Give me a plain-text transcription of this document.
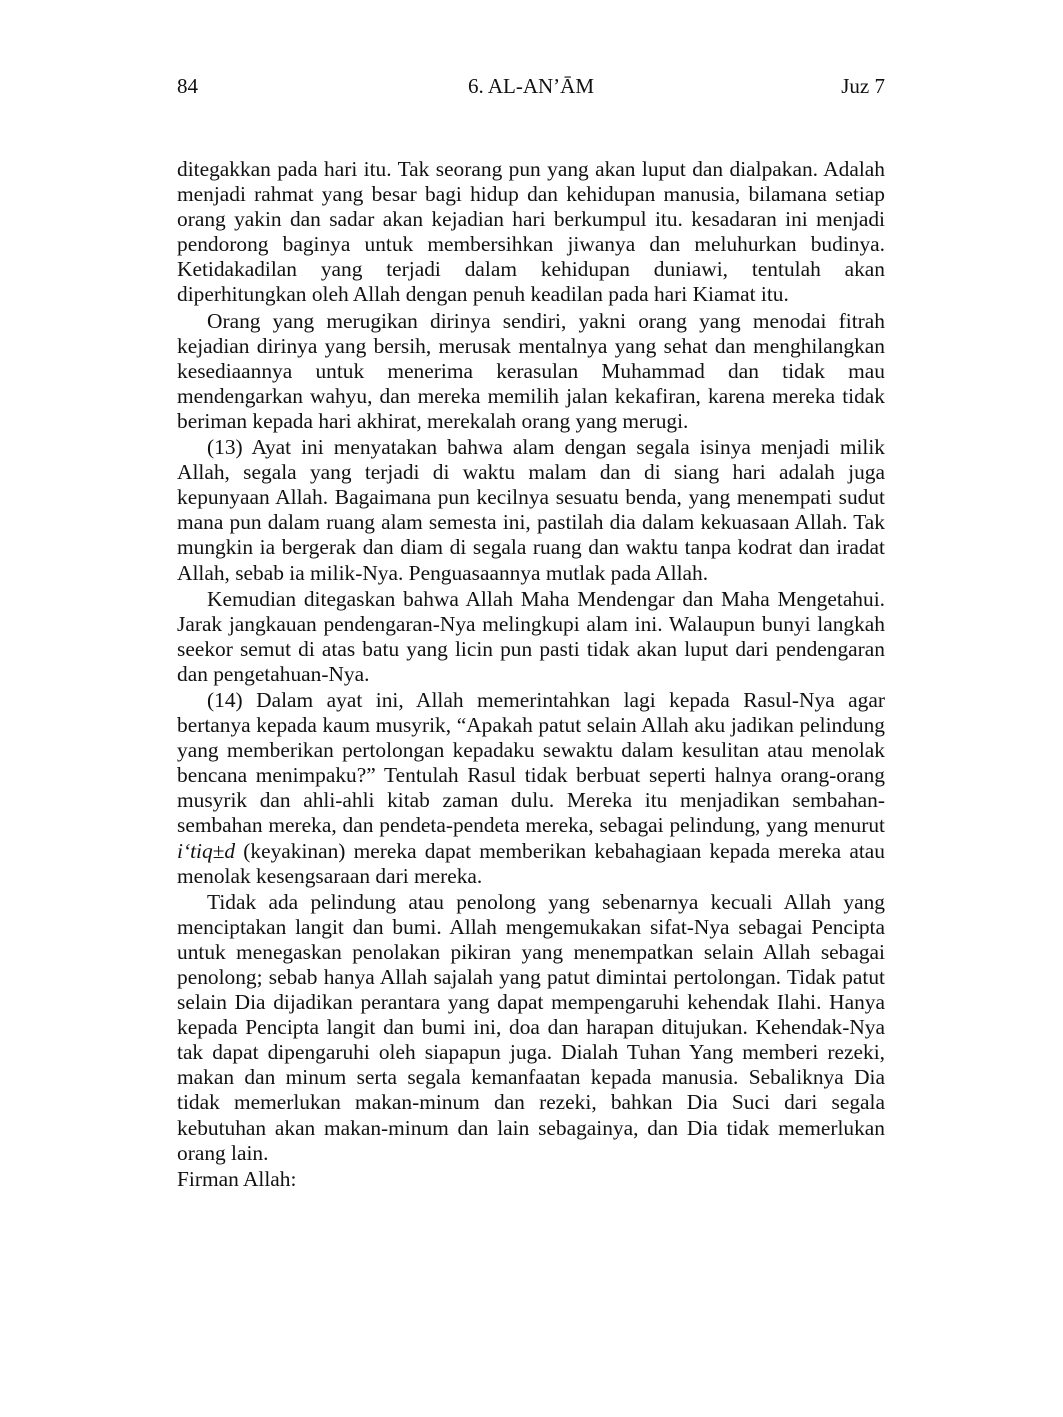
84	6. AL-AN’ĀM	Juz 7

ditegakkan pada hari itu. Tak seorang pun yang akan luput dan dialpakan. Adalah menjadi rahmat yang besar bagi hidup dan kehidupan manusia, bilamana setiap orang yakin dan sadar akan kejadian hari berkumpul itu. kesadaran ini menjadi pendorong baginya untuk membersihkan jiwanya dan meluhurkan budinya. Ketidakadilan yang terjadi dalam kehidupan duniawi, tentulah akan diperhitungkan oleh Allah dengan penuh keadilan pada hari Kiamat itu.

Orang yang merugikan dirinya sendiri, yakni orang yang menodai fitrah kejadian dirinya yang bersih, merusak mentalnya yang sehat dan menghilangkan kesediaannya untuk menerima kerasulan Muhammad dan tidak mau mendengarkan wahyu, dan mereka memilih jalan kekafiran, karena mereka tidak beriman kepada hari akhirat, merekalah orang yang merugi.

(13) Ayat ini menyatakan bahwa alam dengan segala isinya menjadi milik Allah, segala yang terjadi di waktu malam dan di siang hari adalah juga kepunyaan Allah. Bagaimana pun kecilnya sesuatu benda, yang menempati sudut mana pun dalam ruang alam semesta ini, pastilah dia dalam kekuasaan Allah. Tak mungkin ia bergerak dan diam di segala ruang dan waktu tanpa kodrat dan iradat Allah, sebab ia milik-Nya. Penguasaannya mutlak pada Allah.

Kemudian ditegaskan bahwa Allah Maha Mendengar dan Maha Mengetahui. Jarak jangkauan pendengaran-Nya melingkupi alam ini. Walaupun bunyi langkah seekor semut di atas batu yang licin pun pasti tidak akan luput dari pendengaran dan pengetahuan-Nya.

(14) Dalam ayat ini, Allah memerintahkan lagi kepada Rasul-Nya agar bertanya kepada kaum musyrik, “Apakah patut selain Allah aku jadikan pelindung yang memberikan pertolongan kepadaku sewaktu dalam kesulitan atau menolak bencana menimpaku?” Tentulah Rasul tidak berbuat seperti halnya orang-orang musyrik dan ahli-ahli kitab zaman dulu. Mereka itu menjadikan sembahan-sembahan mereka, dan pendeta-pendeta mereka, sebagai pelindung, yang menurut i‘tiq±d (keyakinan) mereka dapat memberikan kebahagiaan kepada mereka atau menolak kesengsaraan dari mereka.

Tidak ada pelindung atau penolong yang sebenarnya kecuali Allah yang menciptakan langit dan bumi. Allah mengemukakan sifat-Nya sebagai Pencipta untuk menegaskan penolakan pikiran yang menempatkan selain Allah sebagai penolong; sebab hanya Allah sajalah yang patut dimintai pertolongan. Tidak patut selain Dia dijadikan perantara yang dapat mempengaruhi kehendak Ilahi. Hanya kepada Pencipta langit dan bumi ini, doa dan harapan ditujukan. Kehendak-Nya tak dapat dipengaruhi oleh siapapun juga. Dialah Tuhan Yang memberi rezeki, makan dan minum serta segala kemanfaatan kepada manusia. Sebaliknya Dia tidak memerlukan makan-minum dan rezeki, bahkan Dia Suci dari segala kebutuhan akan makan-minum dan lain sebagainya, dan Dia tidak memerlukan orang lain.

Firman Allah:
